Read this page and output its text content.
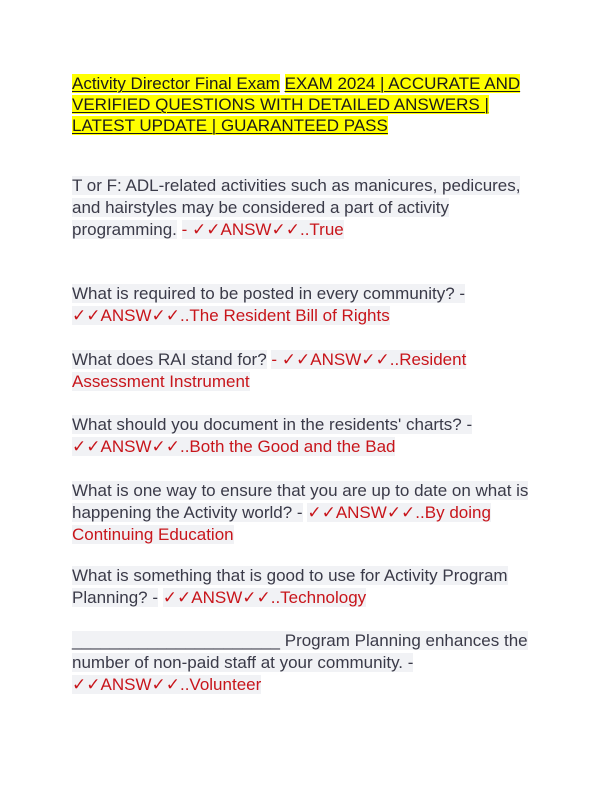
Activity Director Final Exam EXAM 2024 | ACCURATE AND VERIFIED QUESTIONS WITH DETAILED ANSWERS | LATEST UPDATE | GUARANTEED PASS
T or F: ADL-related activities such as manicures, pedicures, and hairstyles may be considered a part of activity programming. - ✓✓ANSW✓✓..True
What is required to be posted in every community? - ✓✓ANSW✓✓..The Resident Bill of Rights
What does RAI stand for? - ✓✓ANSW✓✓..Resident Assessment Instrument
What should you document in the residents' charts? - ✓✓ANSW✓✓..Both the Good and the Bad
What is one way to ensure that you are up to date on what is happening the Activity world? - ✓✓ANSW✓✓..By doing Continuing Education
What is something that is good to use for Activity Program Planning? - ✓✓ANSW✓✓..Technology
______________________ Program Planning enhances the number of non-paid staff at your community. - ✓✓ANSW✓✓..Volunteer
